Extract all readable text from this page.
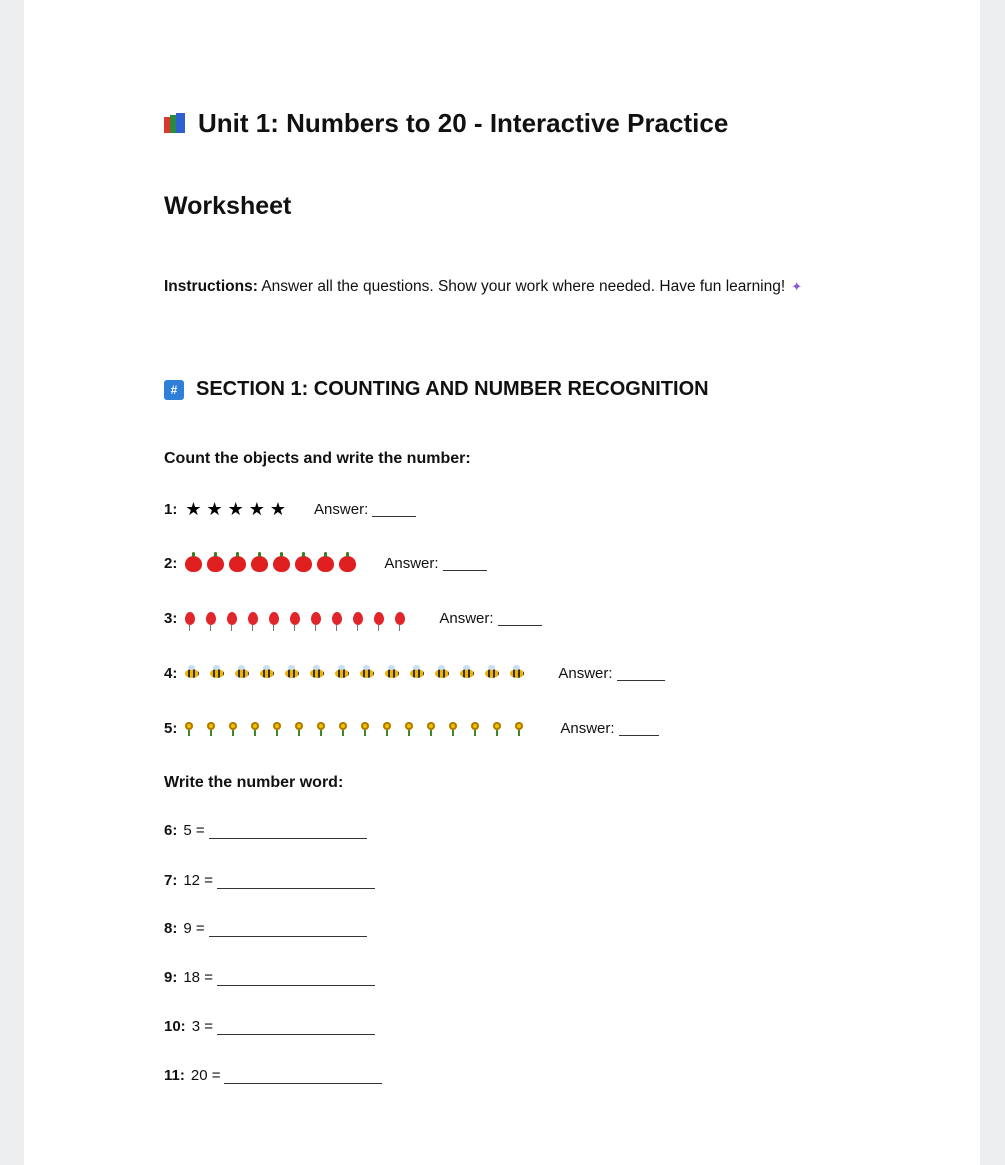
Unit 1: Numbers to 20 - Interactive Practice
Worksheet
Instructions: Answer all the questions. Show your work where needed. Have fun learning! ✦
# SECTION 1: COUNTING AND NUMBER RECOGNITION
Count the objects and write the number:
1: ★ ★ ★ ★ ★ Answer:
2:	Answer:
3:	Answer:
4:	Answer:
5:	Answer:
Write the number word:
6: 5 =
7: 12 =
8: 9 =
9: 18 =
10: 3 =
11: 20 =
